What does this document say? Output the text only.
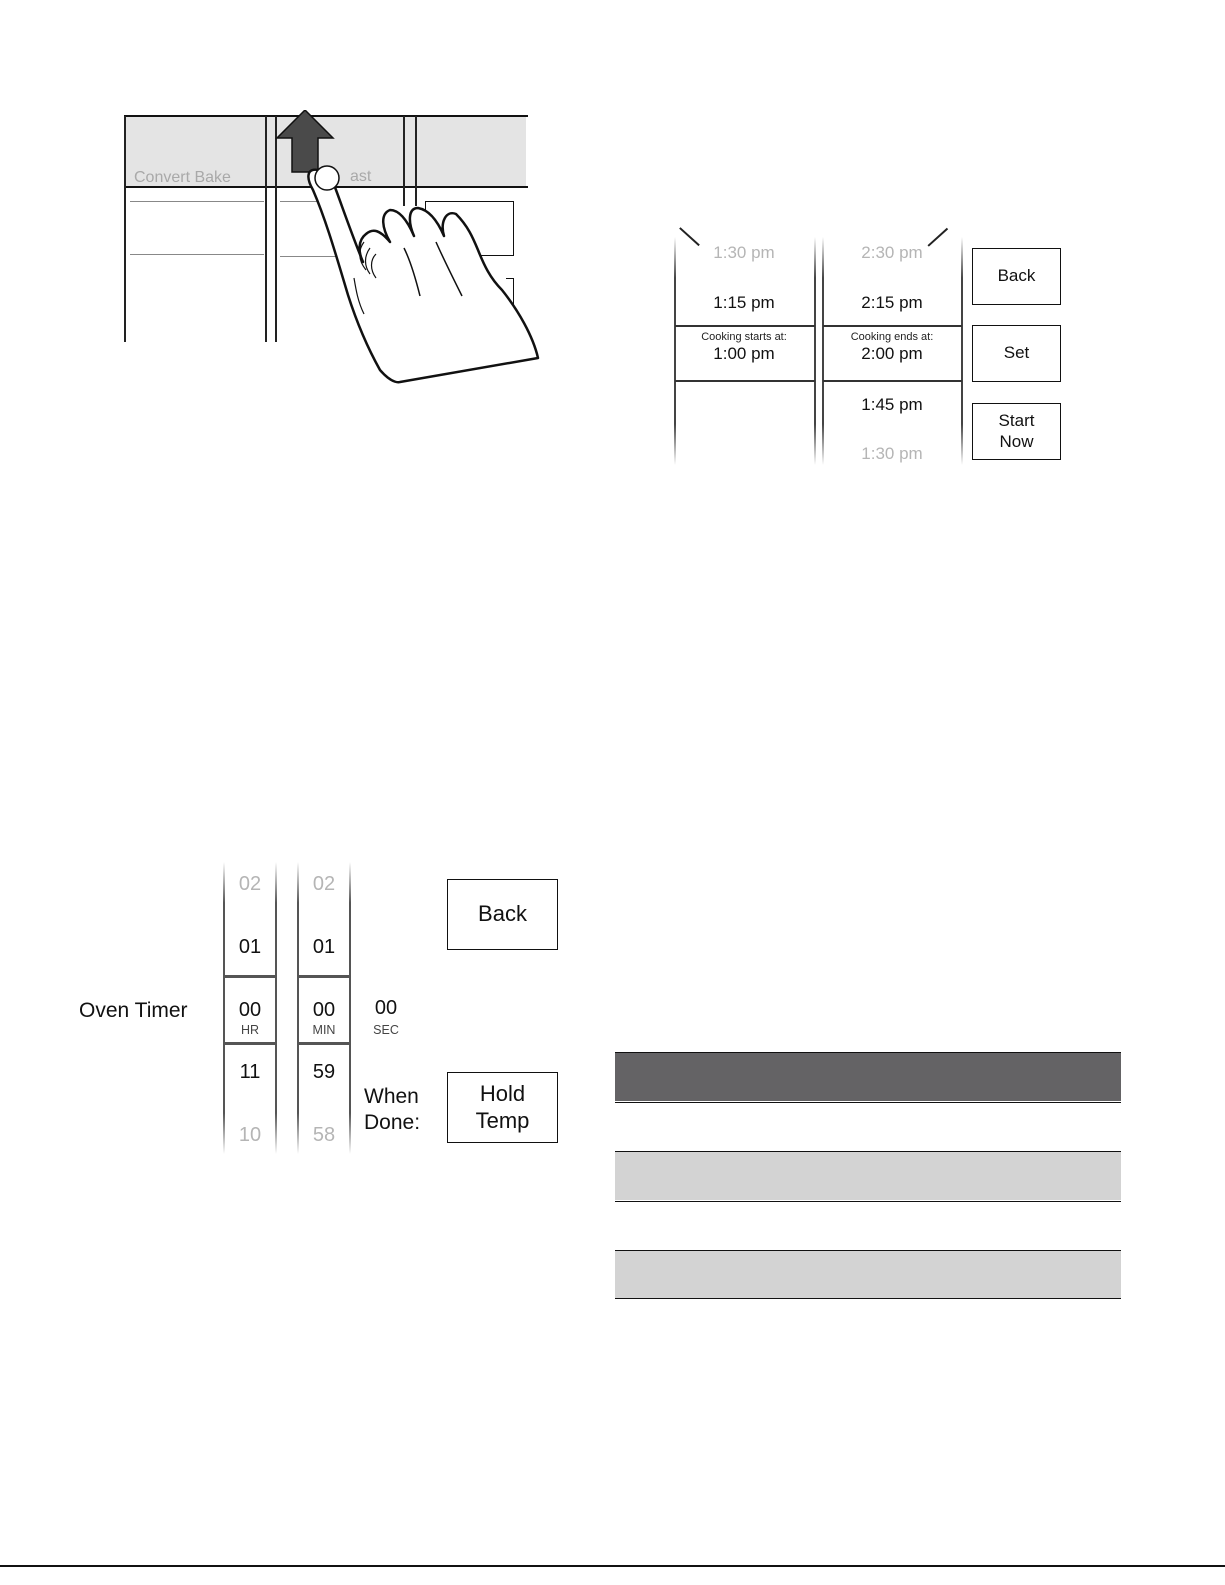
Convert Bake	ast
1:30 pm
1:15 pm
Cooking starts at:
1:00 pm
2:30 pm
2:15 pm
Cooking ends at:
2:00 pm
1:45 pm
1:30 pm
Back
Set
Start
Now
Oven Timer
02
01
00
HR
11
10
02
01
00
MIN
59
58
00
SEC
When
Done:
Back
Hold
Temp
